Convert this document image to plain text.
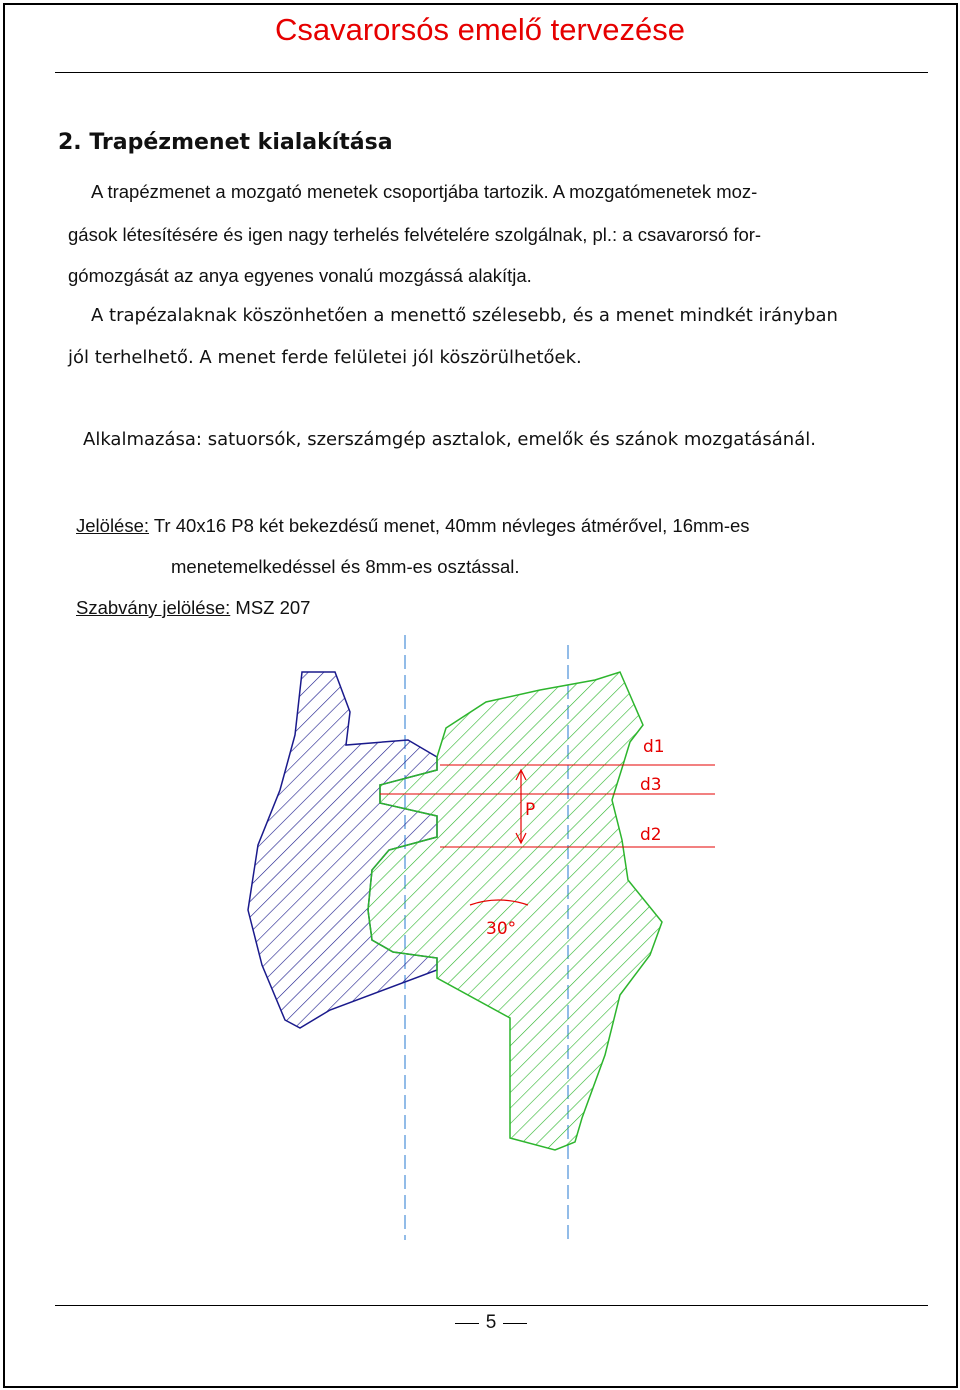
Csavarorsós emelő tervezése
2. Trapézmenet kialakítása
A trapézmenet a mozgató menetek csoportjába tartozik. A mozgatómenetek moz-
gások létesítésére és igen nagy terhelés felvételére szolgálnak, pl.: a csavarorsó for-
gómozgását az anya egyenes vonalú mozgássá alakítja.
A trapézalaknak köszönhetően a menettő szélesebb, és a menet mindkét irányban
jól terhelhető. A menet ferde felületei jól köszörülhetőek.
Alkalmazása: satuorsók, szerszámgép asztalok, emelők és szánok mozgatásánál.
Jelölése: Tr 40x16 P8 két bekezdésű menet, 40mm névleges átmérővel, 16mm-es
menetemelkedéssel és 8mm-es osztással.
Szabvány jelölése: MSZ 207
d1
d3
d2
P
30°
5
